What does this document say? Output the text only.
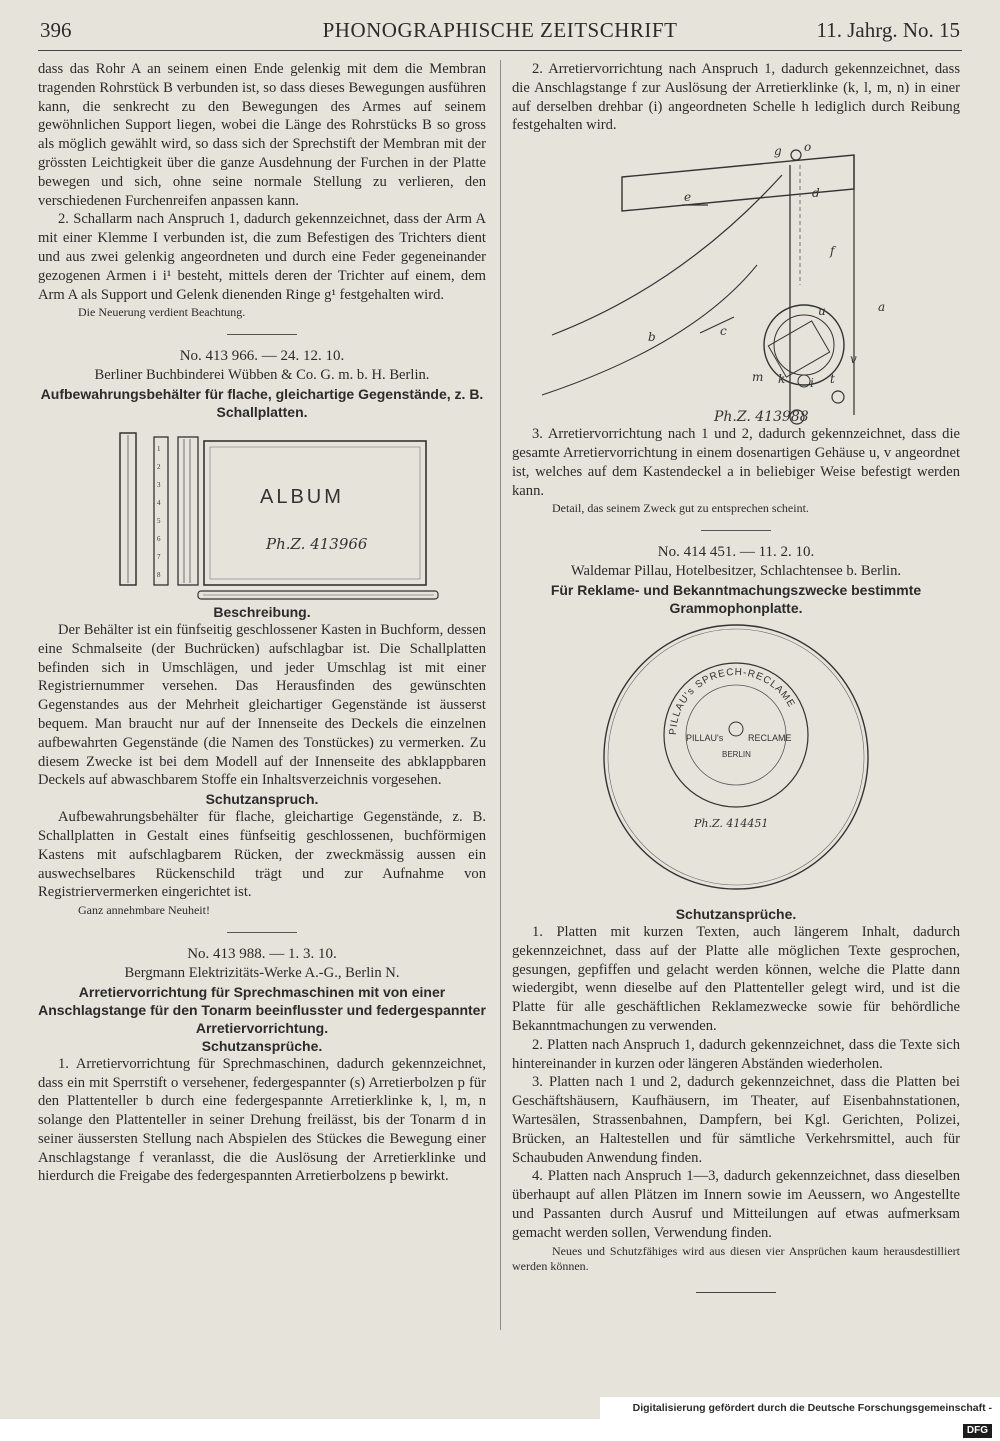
396	PHONOGRAPHISCHE ZEITSCHRIFT	11. Jahrg. No. 15

dass das Rohr A an seinem einen Ende gelenkig mit dem die Membran tragenden Rohrstück B verbunden ist, so dass dieses Bewegungen ausführen kann, die senkrecht zu den Bewegungen des Armes auf seinem gewöhnlichen Support liegen, wobei die Länge des Rohrstücks B so gross als möglich gewählt wird, so dass sich der Sprechstift der Membran mit der grössten Leichtigkeit über die ganze Ausdehnung der Furchen in der Platte bewegen und sich, ohne seine normale Stellung zu verlieren, den verschiedenen Furchenreifen anpassen kann.

2. Schallarm nach Anspruch 1, dadurch gekennzeichnet, dass der Arm A mit einer Klemme I verbunden ist, die zum Befestigen des Trichters dient und aus zwei gelenkig angeordneten und durch eine Feder gegeneinander gezogenen Armen i i¹ besteht, mittels deren der Trichter auf einem, dem Arm A als Support und Gelenk dienenden Ringe g¹ festgehalten wird.

Die Neuerung verdient Beachtung.

No. 413 966. — 24. 12. 10.

Berliner Buchbinderei Wübben & Co. G. m. b. H. Berlin.

Aufbewahrungsbehälter für flache, gleichartige Gegenstände, z. B. Schallplatten.

1
2
3
4
5
6
7
8
ALBUM
Ph.Z. 413966

Beschreibung.

Der Behälter ist ein fünfseitig geschlossener Kasten in Buchform, dessen eine Schmalseite (der Buchrücken) aufschlagbar ist. Die Schallplatten befinden sich in Umschlägen, und jeder Umschlag ist mit einer Registriernummer versehen. Das Herausfinden des gewünschten Gegenstandes aus der Mehrheit gleichartiger Gegenstände ist äusserst bequem. Man braucht nur auf der Innenseite des Deckels die einzelnen aufbewahrten Gegenstände (die Namen des Tonstückes) zu vermerken. Zu diesem Zwecke ist bei dem Modell auf der Innenseite des abklappbaren Deckels auf abwaschbarem Stoffe ein Inhaltsverzeichnis vorgesehen.

Schutzanspruch.

Aufbewahrungsbehälter für flache, gleichartige Gegenstände, z. B. Schallplatten in Gestalt eines fünfseitig geschlossenen, buchförmigen Kastens mit aufschlagbarem Rücken, der zweckmässig aussen ein auswechselbares Rückenschild trägt und zur Aufnahme von Registriervermerken eingerichtet ist.

Ganz annehmbare Neuheit!

No. 413 988. — 1. 3. 10.

Bergmann Elektrizitäts-Werke A.-G., Berlin N.

Arretiervorrichtung für Sprechmaschinen mit von einer Anschlagstange für den Tonarm beeinflusster und federgespannter Arretiervorrichtung.

Schutzansprüche.

1. Arretiervorrichtung für Sprechmaschinen, dadurch gekennzeichnet, dass ein mit Sperrstift o versehener, federgespannter (s) Arretierbolzen p für den Plattenteller b durch eine federgespannte Arretierklinke k, l, m, n solange den Plattenteller in seiner Drehung freilässt, bis der Tonarm d in seiner äussersten Stellung nach Abspielen des Stückes die Bewegung einer Anschlagstange f veranlasst, die die Auslösung der Arretierklinke und hierdurch die Freigabe des federgespannten Arretierbolzens p bewirkt.

2. Arretiervorrichtung nach Anspruch 1, dadurch gekennzeichnet, dass die Anschlagstange f zur Auslösung der Arretierklinke (k, l, m, n) in einer auf derselben drehbar (i) angeordneten Schelle h lediglich durch Reibung festgehalten wird.

g o
d
e
f
a
b	c
u
m k i t
v
Ph.Z. 413988

3. Arretiervorrichtung nach 1 und 2, dadurch gekennzeichnet, dass die gesamte Arretiervorrichtung in einem dosenartigen Gehäuse u, v angeordnet ist, welches auf dem Kastendeckel a in beliebiger Weise befestigt werden kann.

Detail, das seinem Zweck gut zu entsprechen scheint.

No. 414 451. — 11. 2. 10.

Waldemar Pillau, Hotelbesitzer, Schlachtensee b. Berlin.

Für Reklame- und Bekanntmachungszwecke bestimmte Grammophonplatte.

PILLAU's SPRECH-RECLAME
PILLAU's	RECLAME
BERLIN
Ph.Z. 414451

Schutzansprüche.

1. Platten mit kurzen Texten, auch längerem Inhalt, dadurch gekennzeichnet, dass auf der Platte alle möglichen Texte gesprochen, gesungen, gepfiffen und gelacht werden können, welche die Platte dann wiedergibt, wenn dieselbe auf den Plattenteller gelegt wird, und ist die Platte für alle geschäftlichen Reklamezwecke sowie für behördliche Bekanntmachungen zu verwenden.

2. Platten nach Anspruch 1, dadurch gekennzeichnet, dass die Texte sich hintereinander in kurzen oder längeren Abständen wiederholen.

3. Platten nach 1 und 2, dadurch gekennzeichnet, dass die Platten bei Geschäftshäusern, Kaufhäusern, im Theater, auf Eisenbahnstationen, Wartesälen, Strassenbahnen, Dampfern, bei Kgl. Gerichten, Polizei, Brücken, an Haltestellen und für sämtliche Verkehrsmittel, auch für Schaubuden Anwendung finden.

4. Platten nach Anspruch 1—3, dadurch gekennzeichnet, dass dieselben überhaupt auf allen Plätzen im Innern sowie im Aeussern, wo Angestellte und Passanten durch Ausruf und Mitteilungen auf etwas aufmerksam gemacht werden sollen, Verwendung finden.

Neues und Schutzfähiges wird aus diesen vier Ansprüchen kaum herausdestilliert werden können.

Digitalisierung gefördert durch die Deutsche Forschungsgemeinschaft -DFG
